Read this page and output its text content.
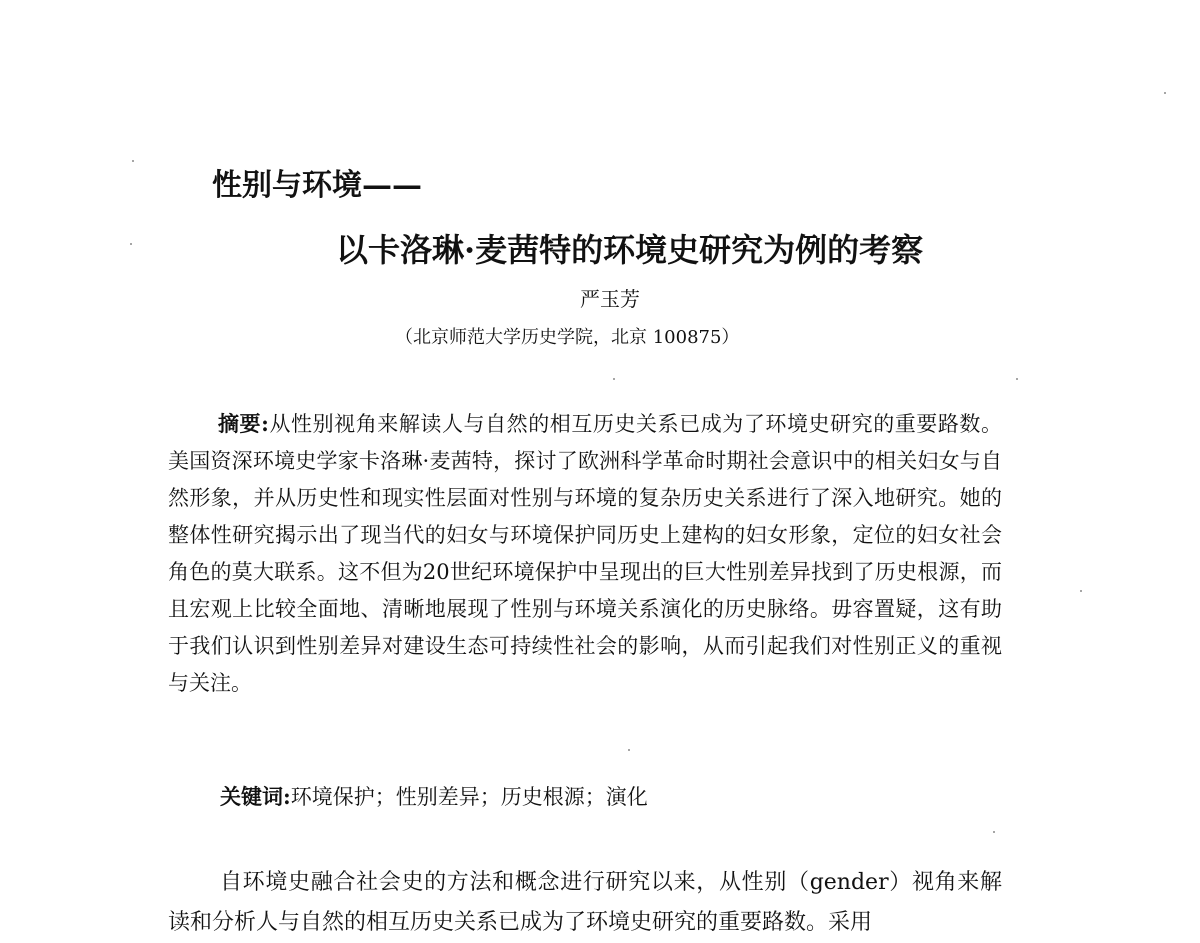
性别与环境——
以卡洛琳·麦茜特的环境史研究为例的考察
严玉芳
（北京师范大学历史学院，北京 100875）

摘要:从性别视角来解读人与自然的相互历史关系已成为了环境史研究的重要路数。美国资深环境史学家卡洛琳·麦茜特，探讨了欧洲科学革命时期社会意识中的相关妇女与自然形象，并从历史性和现实性层面对性别与环境的复杂历史关系进行了深入地研究。她的整体性研究揭示出了现当代的妇女与环境保护同历史上建构的妇女形象，定位的妇女社会角色的莫大联系。这不但为20世纪环境保护中呈现出的巨大性别差异找到了历史根源，而且宏观上比较全面地、清晰地展现了性别与环境关系演化的历史脉络。毋容置疑，这有助于我们认识到性别差异对建设生态可持续性社会的影响，从而引起我们对性别正义的重视与关注。

关键词:环境保护；性别差异；历史根源；演化

自环境史融合社会史的方法和概念进行研究以来，从性别（gender）视角来解读和分析人与自然的相互历史关系已成为了环境史研究的重要路数。采用
